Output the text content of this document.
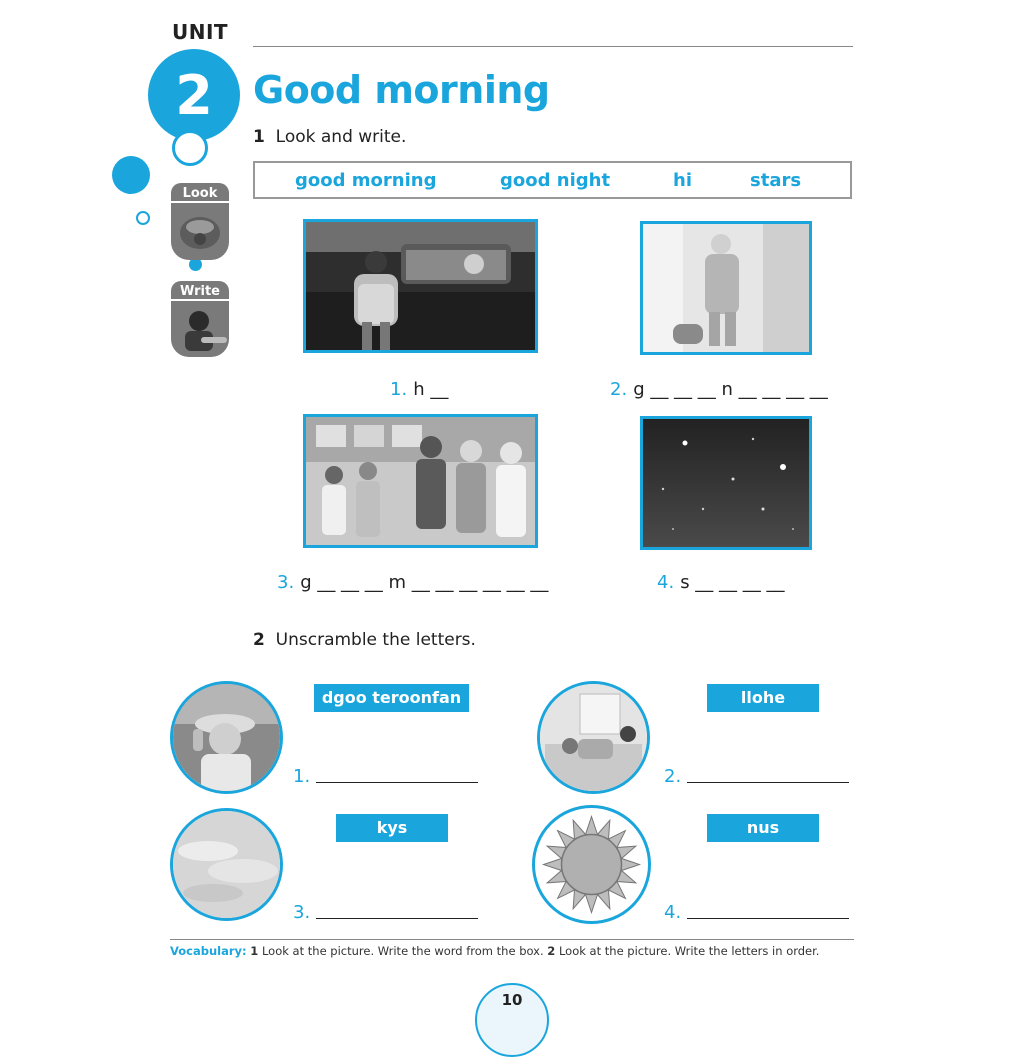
UNIT
2	Good morning
Look
Write
1 Look and write.
good morning	good night	hi	stars
1. h __	2. g __ __ __ n __ __ __ __
3. g __ __ __ m __ __ __ __ __ __	4. s __ __ __ __
2 Unscramble the letters.
dgoo teroonfan
1.
llohe
2.
kys
3.
nus
4.
Vocabulary: 1 Look at the picture. Write the word from the box. 2 Look at the picture. Write the letters in order.
10
